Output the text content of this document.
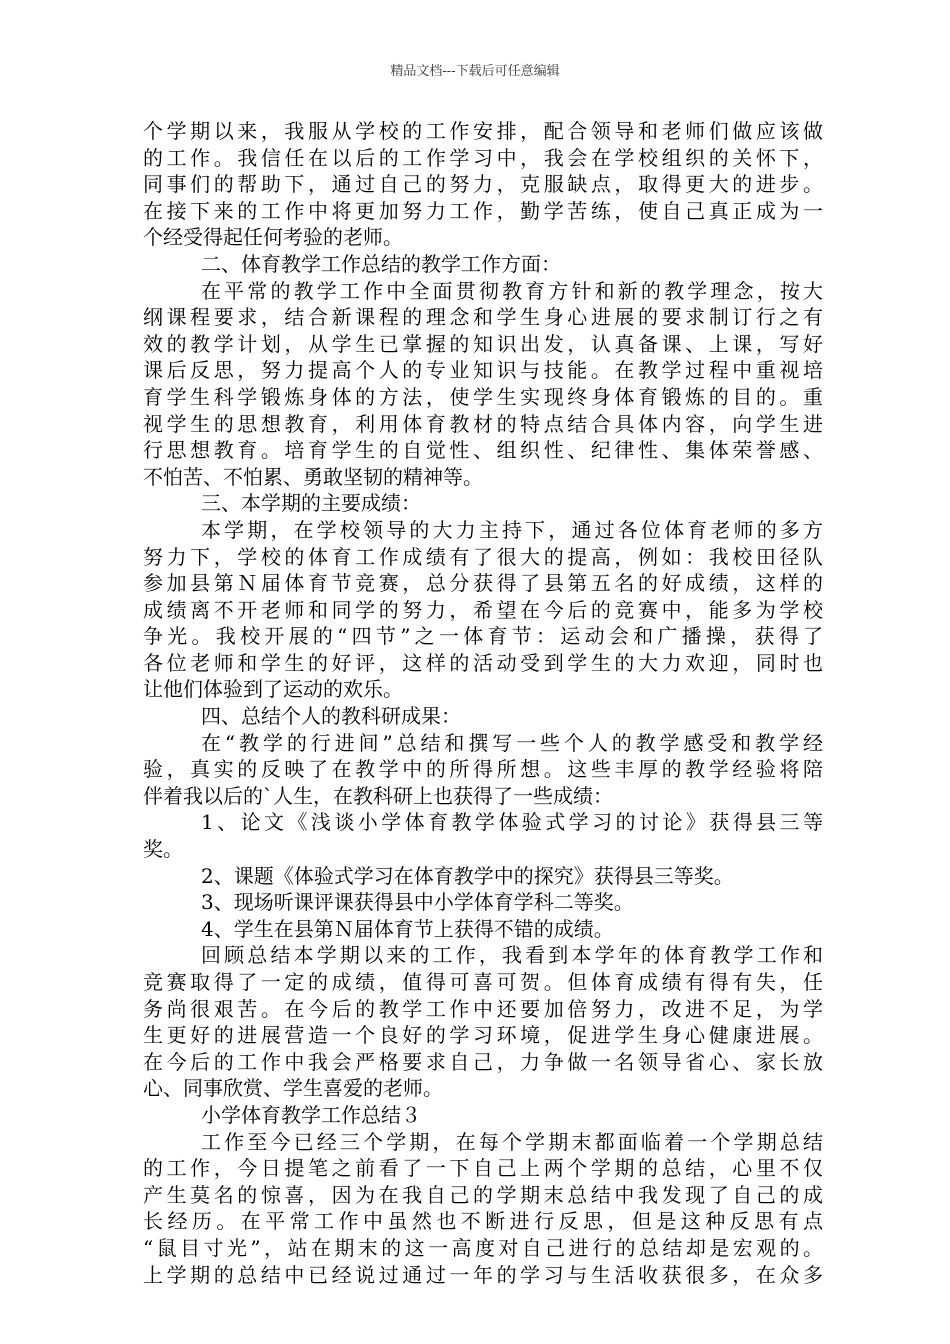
精品文档---下载后可任意编辑
个学期以来，我服从学校的工作安排，配合领导和老师们做应该做
的工作。我信任在以后的工作学习中，我会在学校组织的关怀下，
同事们的帮助下，通过自己的努力，克服缺点，取得更大的进步。
在接下来的工作中将更加努力工作，勤学苦练，使自己真正成为一
个经受得起任何考验的老师。
二、体育教学工作总结的教学工作方面：
在平常的教学工作中全面贯彻教育方针和新的教学理念，按大
纲课程要求，结合新课程的理念和学生身心进展的要求制订行之有
效的教学计划，从学生已掌握的知识出发，认真备课、上课，写好
课后反思，努力提高个人的专业知识与技能。在教学过程中重视培
育学生科学锻炼身体的方法，使学生实现终身体育锻炼的目的。重
视学生的思想教育，利用体育教材的特点结合具体内容，向学生进
行思想教育。培育学生的自觉性、组织性、纪律性、集体荣誉感、
不怕苦、不怕累、勇敢坚韧的精神等。
三、本学期的主要成绩：
本学期，在学校领导的大力主持下，通过各位体育老师的多方
努力下，学校的体育工作成绩有了很大的提高，例如：我校田径队
参加县第Ｎ届体育节竞赛，总分获得了县第五名的好成绩，这样的
成绩离不开老师和同学的努力，希望在今后的竞赛中，能多为学校
争光。我校开展的“四节”之一体育节：运动会和广播操，获得了
各位老师和学生的好评，这样的活动受到学生的大力欢迎，同时也
让他们体验到了运动的欢乐。
四、总结个人的教科研成果：
在“教学的行进间”总结和撰写一些个人的教学感受和教学经
验，真实的反映了在教学中的所得所想。这些丰厚的教学经验将陪
伴着我以后的`人生，在教科研上也获得了一些成绩：
1、论文《浅谈小学体育教学体验式学习的讨论》获得县三等
奖。
2、课题《体验式学习在体育教学中的探究》获得县三等奖。
3、现场听课评课获得县中小学体育学科二等奖。
4、学生在县第Ｎ届体育节上获得不错的成绩。
回顾总结本学期以来的工作，我看到本学年的体育教学工作和
竞赛取得了一定的成绩，值得可喜可贺。但体育成绩有得有失，任
务尚很艰苦。在今后的教学工作中还要加倍努力，改进不足，为学
生更好的进展营造一个良好的学习环境，促进学生身心健康进展。
在今后的工作中我会严格要求自己，力争做一名领导省心、家长放
心、同事欣赏、学生喜爱的老师。
小学体育教学工作总结３
工作至今已经三个学期，在每个学期末都面临着一个学期总结
的工作，今日提笔之前看了一下自己上两个学期的总结，心里不仅
产生莫名的惊喜，因为在我自己的学期末总结中我发现了自己的成
长经历。在平常工作中虽然也不断进行反思，但是这种反思有点
“鼠目寸光”，站在期末的这一高度对自己进行的总结却是宏观的。
上学期的总结中已经说过通过一年的学习与生活收获很多，在众多
